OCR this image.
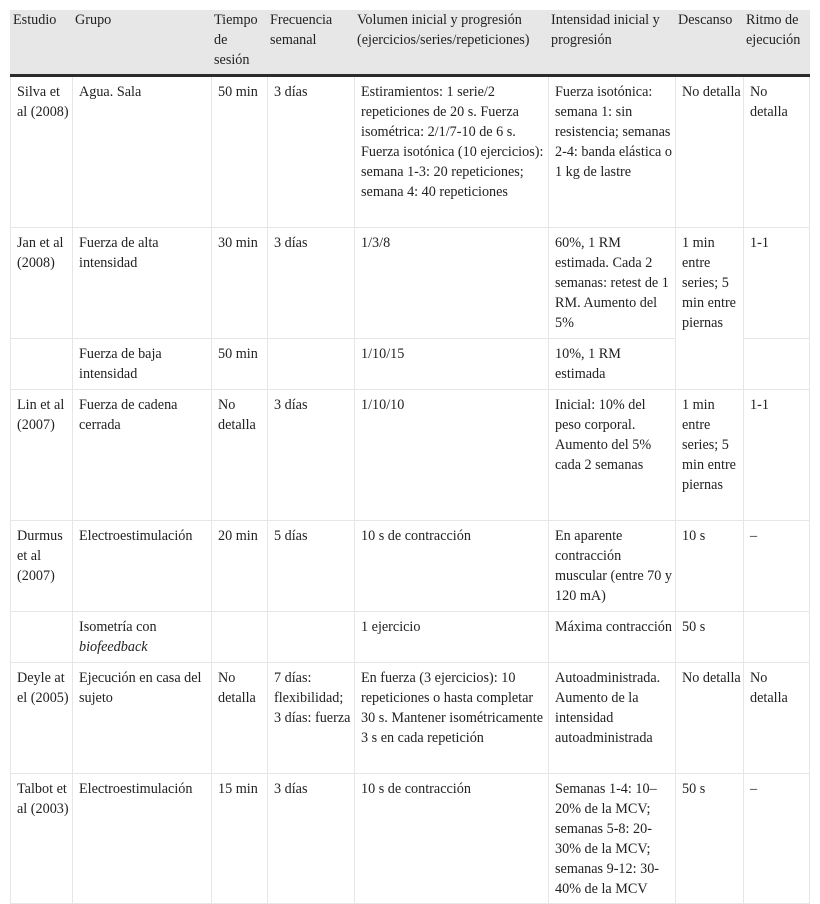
Estudio	Grupo	Tiempo de sesión	Frecuencia semanal	Volumen inicial y progresión (ejercicios/series/repeticiones)	Intensidad inicial y progresión	Descanso	Ritmo de ejecución
Silva et al (2008)	Agua. Sala	50 min	3 días	Estiramientos: 1 serie/2 repeticiones de 20 s. Fuerza isométrica: 2/1/7-10 de 6 s. Fuerza isotónica (10 ejercicios): semana 1-3: 20 repeticiones; semana 4: 40 repeticiones	Fuerza isotónica: semana 1: sin resistencia; semanas 2-4: banda elástica o 1 kg de lastre	No detalla	No detalla
Jan et al (2008)	Fuerza de alta intensidad	30 min	3 días	1/3/8	60%, 1 RM estimada. Cada 2 semanas: retest de 1 RM. Aumento del 5%	1 min entre series; 5 min entre piernas	1-1
	Fuerza de baja intensidad	50 min		1/10/15	10%, 1 RM estimada		
Lin et al (2007)	Fuerza de cadena cerrada	No detalla	3 días	1/10/10	Inicial: 10% del peso corporal. Aumento del 5% cada 2 semanas	1 min entre series; 5 min entre piernas	1-1
Durmus et al (2007)	Electroestimulación	20 min	5 días	10 s de contracción	En aparente contracción muscular (entre 70 y 120 mA)	10 s	–
	Isometría con biofeedback			1 ejercicio	Máxima contracción	50 s	
Deyle at el (2005)	Ejecución en casa del sujeto	No detalla	7 días: flexibilidad; 3 días: fuerza	En fuerza (3 ejercicios): 10 repeticiones o hasta completar 30 s. Mantener isométricamente 3 s en cada repetición	Autoadministrada. Aumento de la intensidad autoadministrada	No detalla	No detalla
Talbot et al (2003)	Electroestimulación	15 min	3 días	10 s de contracción	Semanas 1-4: 10–20% de la MCV; semanas 5-8: 20-30% de la MCV; semanas 9-12: 30-40% de la MCV	50 s	–
